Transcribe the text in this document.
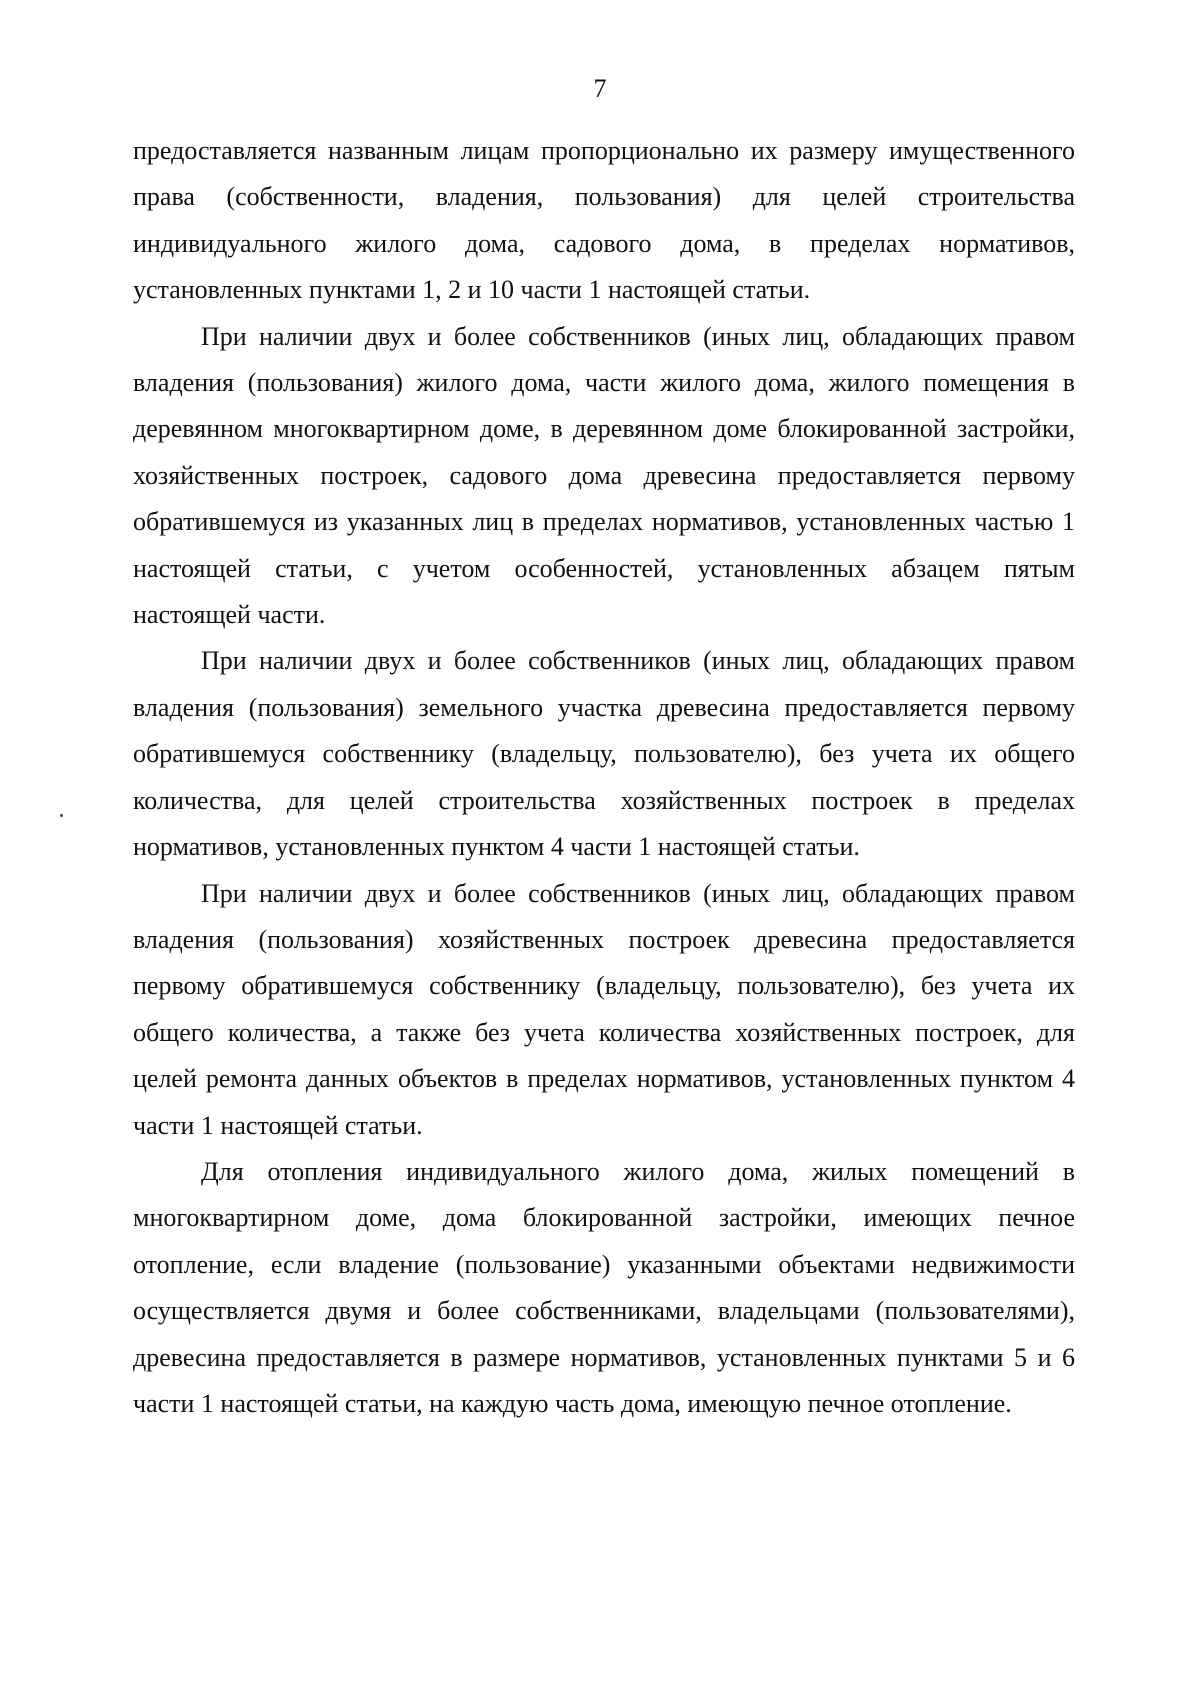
7

предоставляется названным лицам пропорционально их размеру имущественного права (собственности, владения, пользования) для целей строительства индивидуального жилого дома, садового дома, в пределах нормативов, установленных пунктами 1, 2 и 10 части 1 настоящей статьи.

При наличии двух и более собственников (иных лиц, обладающих правом владения (пользования) жилого дома, части жилого дома, жилого помещения в деревянном многоквартирном доме, в деревянном доме блокированной застройки, хозяйственных построек, садового дома древесина предоставляется первому обратившемуся из указанных лиц в пределах нормативов, установленных частью 1 настоящей статьи, с учетом особенностей, установленных абзацем пятым настоящей части.

При наличии двух и более собственников (иных лиц, обладающих правом владения (пользования) земельного участка древесина предоставляется первому обратившемуся собственнику (владельцу, пользователю), без учета их общего количества, для целей строительства хозяйственных построек в пределах нормативов, установленных пунктом 4 части 1 настоящей статьи.

При наличии двух и более собственников (иных лиц, обладающих правом владения (пользования) хозяйственных построек древесина предоставляется первому обратившемуся собственнику (владельцу, пользователю), без учета их общего количества, а также без учета количества хозяйственных построек, для целей ремонта данных объектов в пределах нормативов, установленных пунктом 4 части 1 настоящей статьи.

Для отопления индивидуального жилого дома, жилых помещений в многоквартирном доме, дома блокированной застройки, имеющих печное отопление, если владение (пользование) указанными объектами недвижимости осуществляется двумя и более собственниками, владельцами (пользователями), древесина предоставляется в размере нормативов, установленных пунктами 5 и 6 части 1 настоящей статьи, на каждую часть дома, имеющую печное отопление.
